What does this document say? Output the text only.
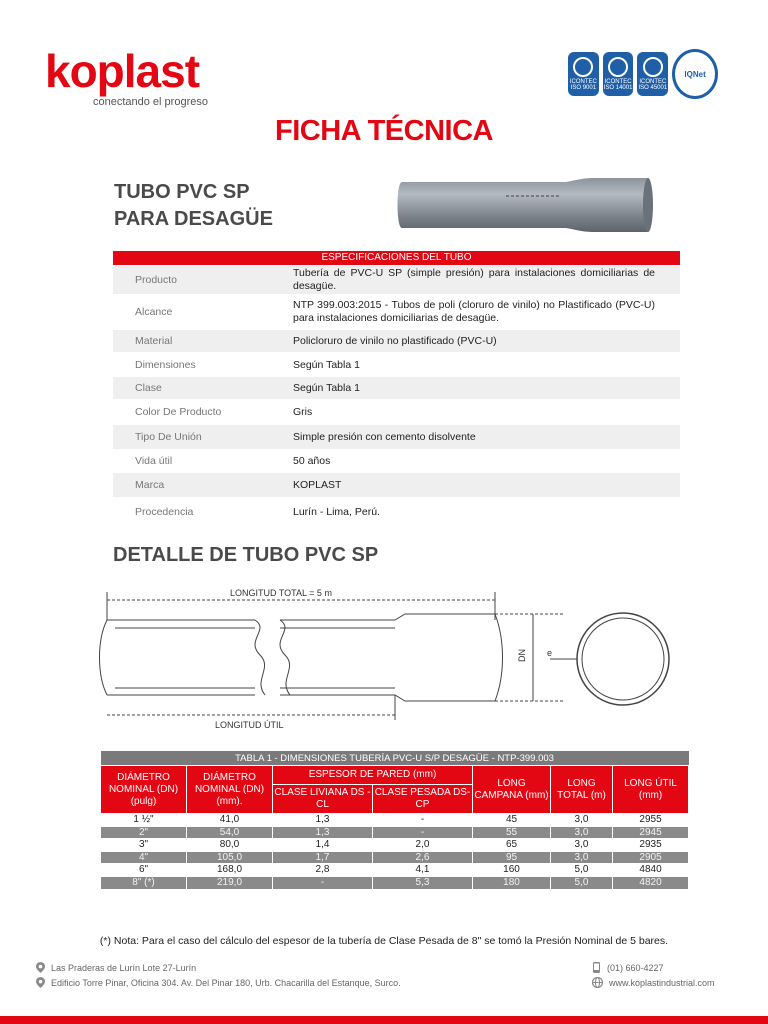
koplast
conectando el progreso
ICONTEC
ISO 9001
ICONTEC
ISO 14001
ICONTEC
ISO 45001
IQNet
FICHA TÉCNICA
TUBO PVC SP
PARA DESAGÜE
ESPECIFICACIONES DEL TUBO
Producto
Tubería de PVC-U SP (simple presión) para instalaciones domiciliarias de desagüe.
Alcance
NTP 399.003:2015 - Tubos de poli (cloruro de vinilo) no Plastificado (PVC-U) para instalaciones domiciliarias de desagüe.
Material	Policloruro de vinilo no plastificado (PVC-U)
Dimensiones	Según Tabla 1
Clase	Según Tabla 1
Color De Producto	Gris
Tipo De Unión	Simple presión con cemento disolvente
Vida útil	50 años
Marca	KOPLAST
Procedencia	Lurín - Lima, Perú.
DETALLE DE TUBO PVC SP
LONGITUD TOTAL = 5 m
LONGITUD ÚTIL
DN e
TABLA 1 - DIMENSIONES TUBERÍA PVC-U S/P DESAGÜE - NTP-399.003						
DIÁMETRO NOMINAL (DN) (pulg)	DIÁMETRO NOMINAL (DN) (mm).	ESPESOR DE PARED (mm)		LONG CAMPANA (mm)	LONG TOTAL (m)	LONG ÚTIL (mm)
		CLASE LIVIANA DS - CL	CLASE PESADA DS-CP			
1 ½"	41,0	1,3	-	45	3,0	2955
2"	54,0	1,3	-	55	3,0	2945
3"	80,0	1,4	2,0	65	3,0	2935
4"	105,0	1,7	2,6	95	3,0	2905
6"	168,0	2,8	4,1	160	5,0	4840
8" (*)	219,0	-	5,3	180	5,0	4820
(*) Nota: Para el caso del cálculo del espesor de la tubería de Clase Pesada de 8" se tomó la Presión Nominal de 5 bares.
Las Praderas de Lurín Lote 27-Lurín
Edificio Torre Pinar, Oficina 304. Av. Del Pinar 180, Urb. Chacarilla del Estanque, Surco.
(01) 660-4227
www.koplastindustrial.com
